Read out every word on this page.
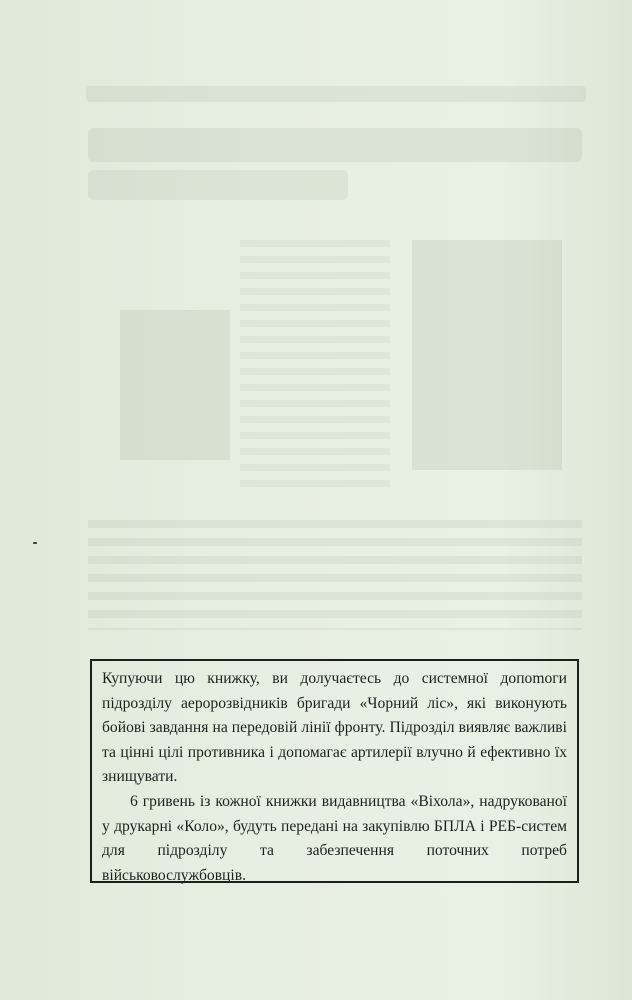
Купуючи цю книжку, ви долучаєтесь до системної допоmоги підрозділу аеророзвідників бригади «Чорний ліс», які виконують бойові завдання на передовій лінії фронту. Підрозділ виявляє важливі та цінні цілі противника і допомагає артилерії влучно й ефективно їх знищувати.

6 гривень із кожної книжки видавництва «Віхола», надрукованої у друкарні «Коло», будуть передані на закупівлю БПЛА і РЕБ-систем для підрозділу та забезпечення поточних потреб військовослужбовців.
